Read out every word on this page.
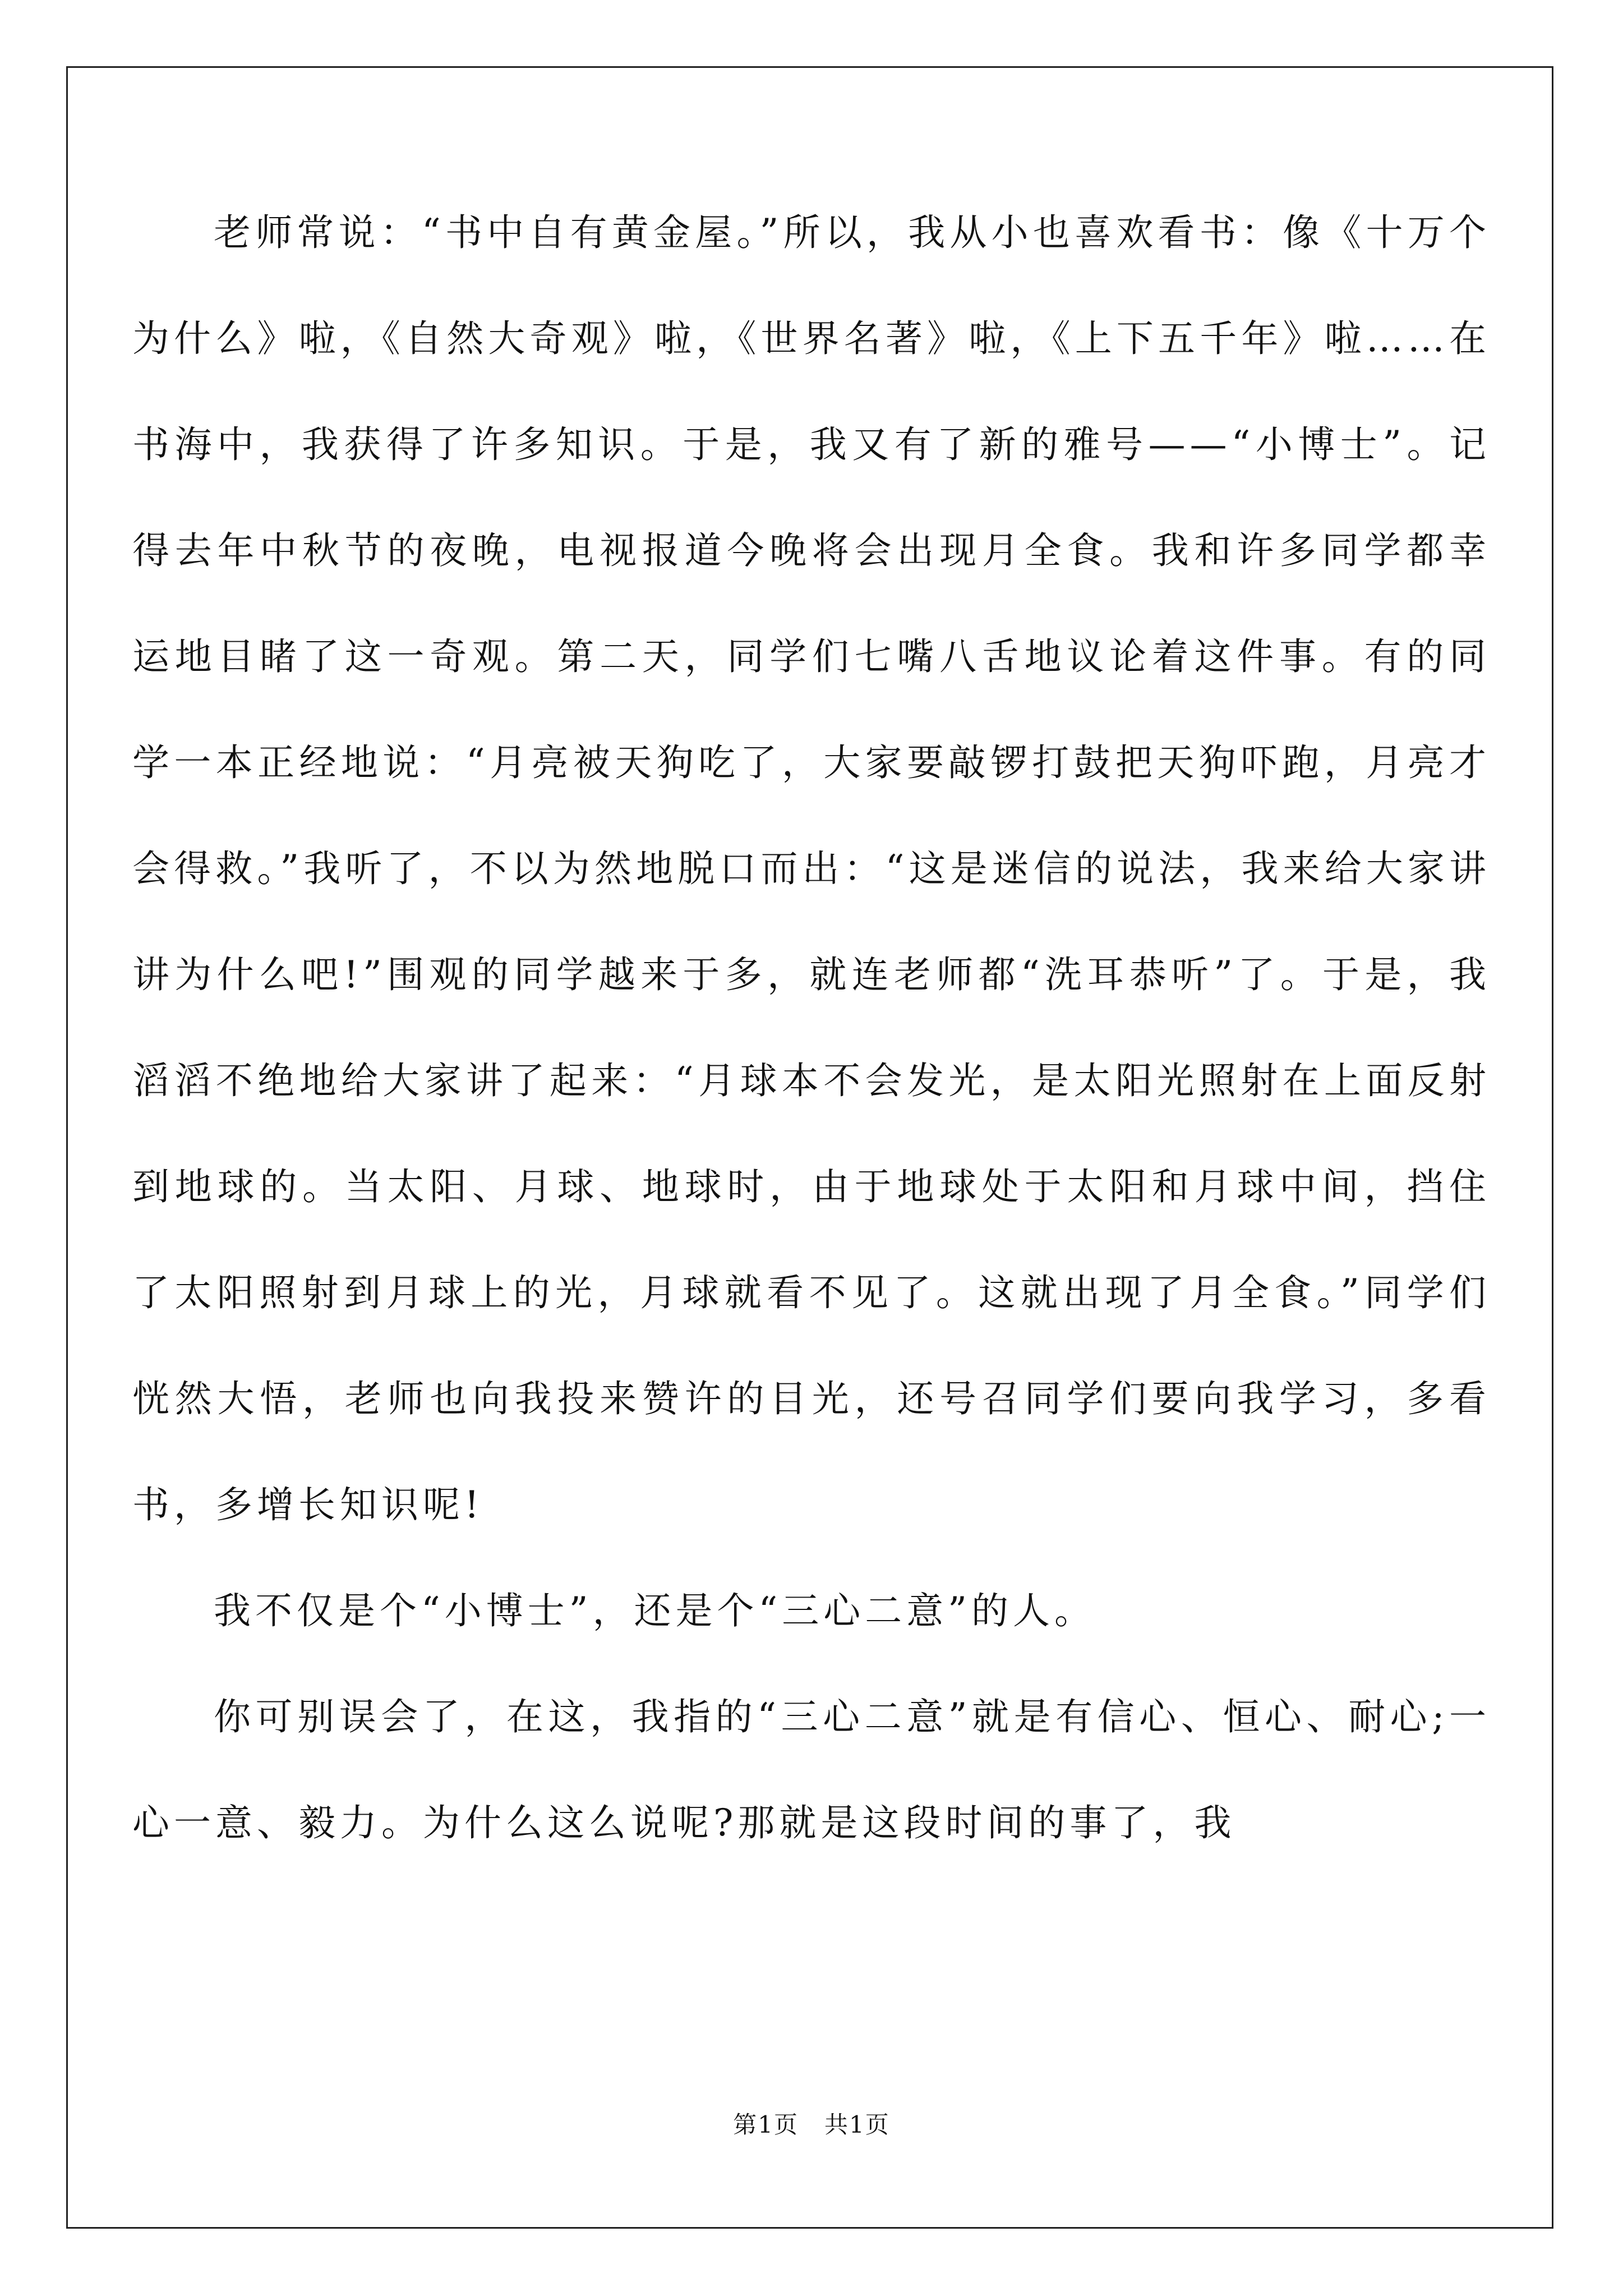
老师常说：“书中自有黄金屋。”所以，我从小也喜欢看书：像《十万个为什么》啦，《自然大奇观》啦，《世界名著》啦，《上下五千年》啦……在书海中，我获得了许多知识。于是，我又有了新的雅号——“小博士”。记得去年中秋节的夜晚，电视报道今晚将会出现月全食。我和许多同学都幸运地目睹了这一奇观。第二天，同学们七嘴八舌地议论着这件事。有的同学一本正经地说：“月亮被天狗吃了，大家要敲锣打鼓把天狗吓跑，月亮才会得救。”我听了，不以为然地脱口而出：“这是迷信的说法，我来给大家讲讲为什么吧!”围观的同学越来于多，就连老师都“洗耳恭听”了。于是，我滔滔不绝地给大家讲了起来：“月球本不会发光，是太阳光照射在上面反射到地球的。当太阳、月球、地球时，由于地球处于太阳和月球中间，挡住了太阳照射到月球上的光，月球就看不见了。这就出现了月全食。”同学们恍然大悟，老师也向我投来赞许的目光，还号召同学们要向我学习，多看书，多增长知识呢!

我不仅是个“小博士”，还是个“三心二意”的人。

你可别误会了，在这，我指的“三心二意”就是有信心、恒心、耐心;一心一意、毅力。为什么这么说呢?那就是这段时间的事了，我

第1页   共1页
